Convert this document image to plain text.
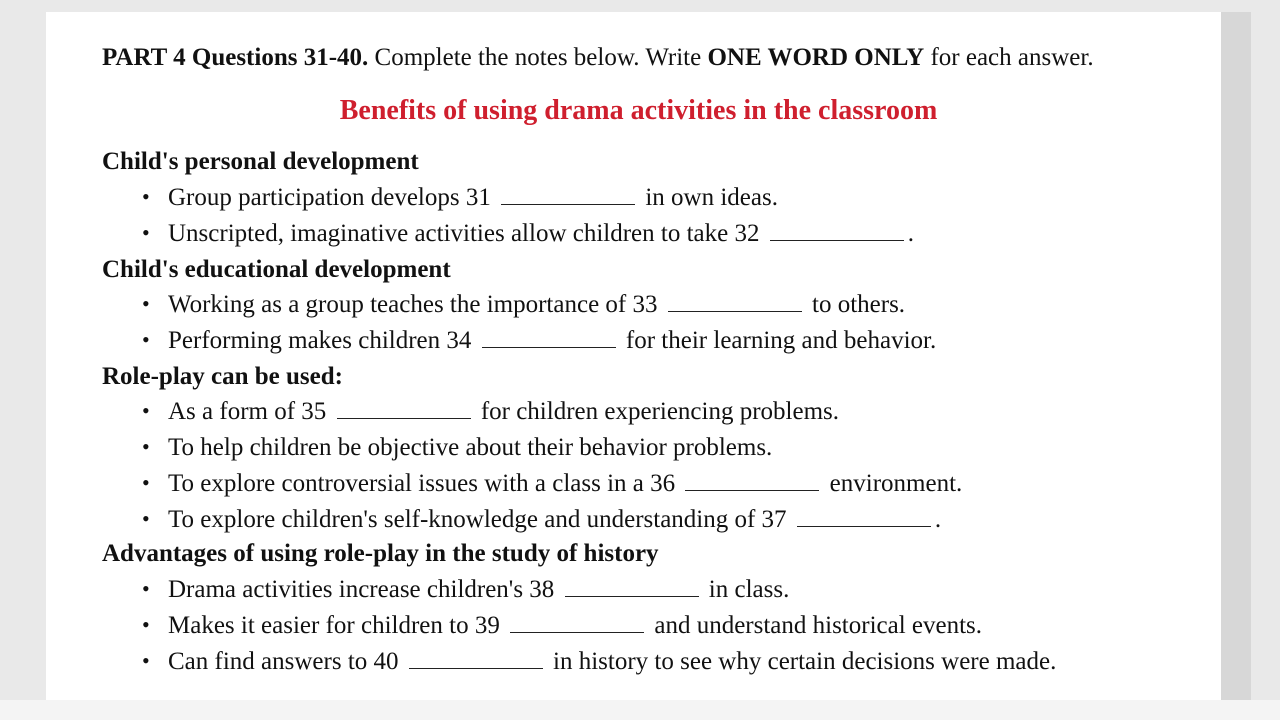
PART 4 Questions 31-40. Complete the notes below. Write ONE WORD ONLY for each answer.
Benefits of using drama activities in the classroom
Child's personal development
• Group participation develops 31	in own ideas.
• Unscripted, imaginative activities allow children to take 32	.
Child's educational development
• Working as a group teaches the importance of 33	to others.
• Performing makes children 34	for their learning and behavior.
Role-play can be used:
• As a form of 35	for children experiencing problems.
• To help children be objective about their behavior problems.
• To explore controversial issues with a class in a 36	environment.
• To explore children's self-knowledge and understanding of 37	.
Advantages of using role-play in the study of history
• Drama activities increase children's 38	in class.
• Makes it easier for children to 39	and understand historical events.
• Can find answers to 40	in history to see why certain decisions were made.
